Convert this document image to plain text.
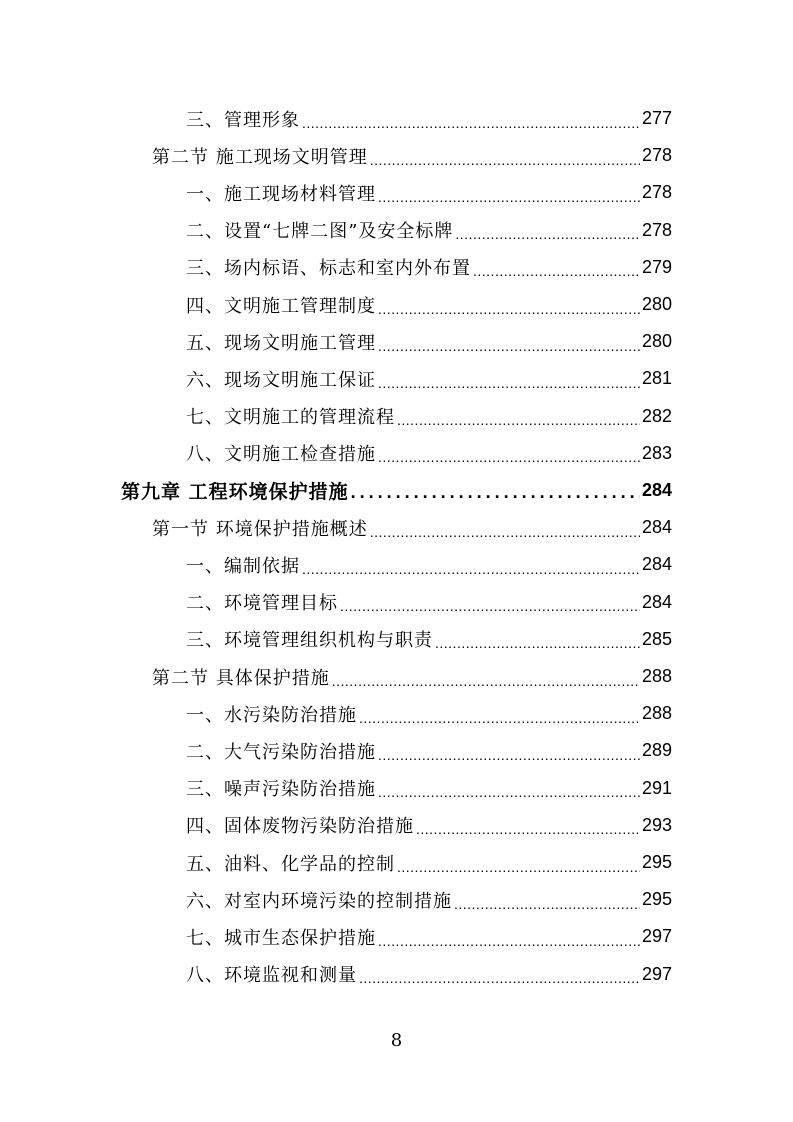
三、管理形象 .....	277
第二节 施工现场文明管理 .....	278
一、施工现场材料管理 .....	278
二、设置“七牌二图”及安全标牌 .....	278
三、场内标语、标志和室内外布置 .....	279
四、文明施工管理制度 .....	280
五、现场文明施工管理 .....	280
六、现场文明施工保证 .....	281
七、文明施工的管理流程 .....	282
八、文明施工检查措施 .....	283
第九章 工程环境保护措施 .....	284
第一节 环境保护措施概述 .....	284
一、编制依据 .....	284
二、环境管理目标 .....	284
三、环境管理组织机构与职责 .....	285
第二节 具体保护措施 .....	288
一、水污染防治措施 .....	288
二、大气污染防治措施 .....	289
三、噪声污染防治措施 .....	291
四、固体废物污染防治措施 .....	293
五、油料、化学品的控制 .....	295
六、对室内环境污染的控制措施 .....	295
七、城市生态保护措施 .....	297
八、环境监视和测量 .....	297
8
